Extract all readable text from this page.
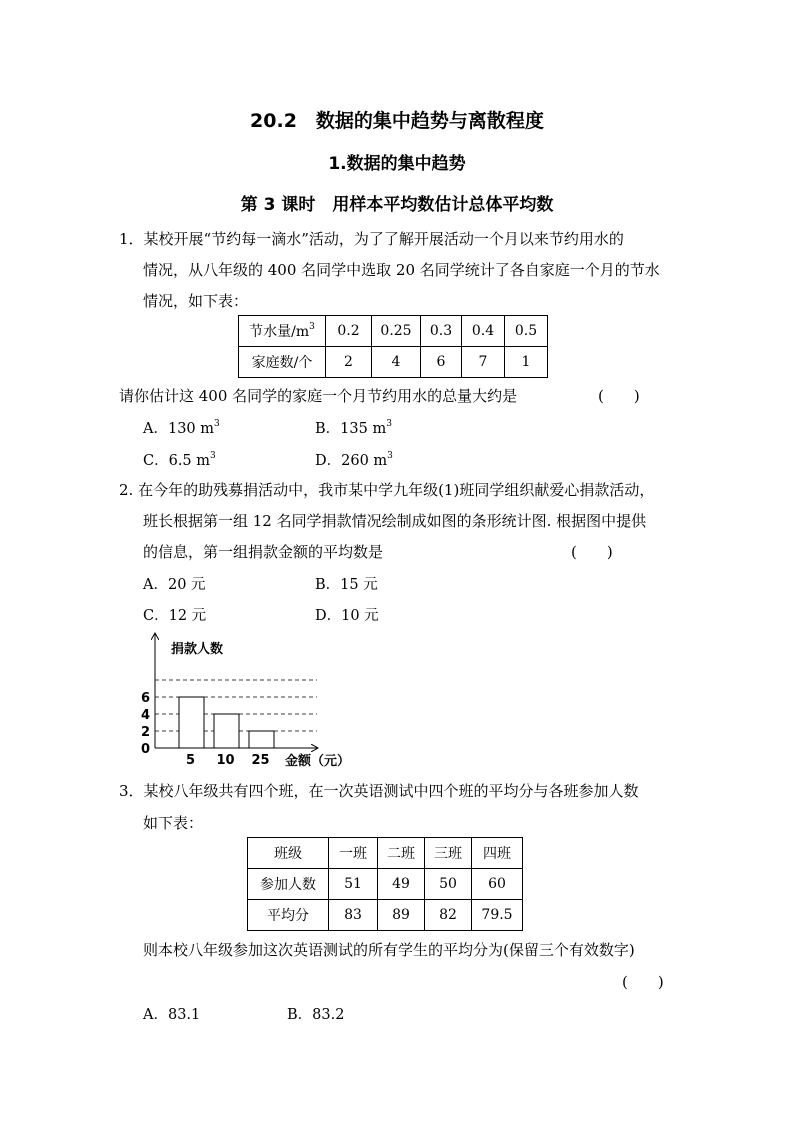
20.2　数据的集中趋势与离散程度
1.数据的集中趋势
第 3 课时　用样本平均数估计总体平均数
1．某校开展“节约每一滴水”活动，为了了解开展活动一个月以来节约用水的
情况，从八年级的 400 名同学中选取 20 名同学统计了各自家庭一个月的节水
情况，如下表：
节水量$/m^3$	0.2	0.25	0.3	0.4	0.5
家庭数/个	2	4	6	7	1
请你估计这 400 名同学的家庭一个月节约用水的总量大约是	(　　)
A．130 $m^3$	B．135 $m^3$
C．6.5 $m^3$	D．260 $m^3$
2. 在今年的助残募捐活动中，我市某中学九年级(1)班同学组织献爱心捐款活动，
班长根据第一组 12 名同学捐款情况绘制成如图的条形统计图. 根据图中提供
的信息，第一组捐款金额的平均数是	(　　)
A．20 元	B．15 元
C．12 元	D．10 元
0
2
4
6
5 10 25
捐款人数
金额（元）
3．某校八年级共有四个班，在一次英语测试中四个班的平均分与各班参加人数
如下表：
班级	一班	二班	三班	四班
参加人数	51	49	50	60
平均分	83	89	82	79.5
则本校八年级参加这次英语测试的所有学生的平均分为(保留三个有效数字)
(　　)
A．83.1	B．83.2
